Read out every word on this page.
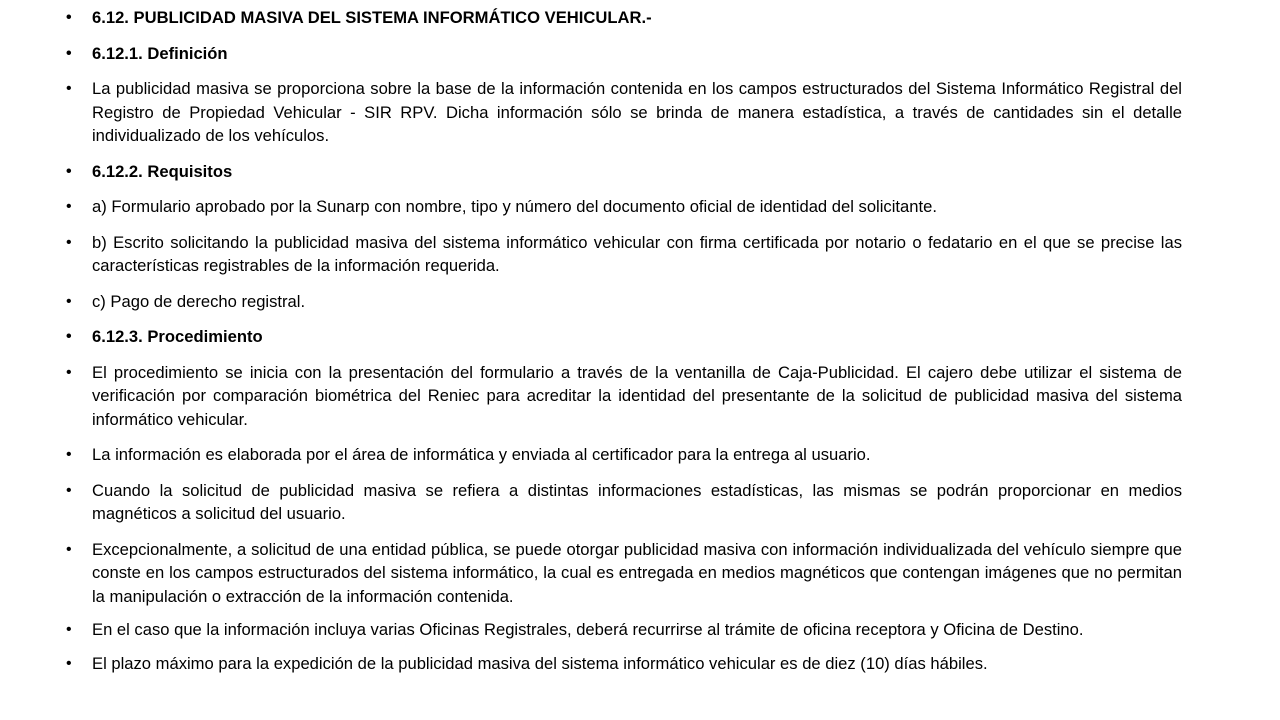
• 6.12. PUBLICIDAD MASIVA DEL SISTEMA INFORMÁTICO VEHICULAR.-
• 6.12.1. Definición
• La publicidad masiva se proporciona sobre la base de la información contenida en los campos estructurados del Sistema Informático Registral del Registro de Propiedad Vehicular - SIR RPV. Dicha información sólo se brinda de manera estadística, a través de cantidades sin el detalle individualizado de los vehículos.
• 6.12.2. Requisitos
• a) Formulario aprobado por la Sunarp con nombre, tipo y número del documento oficial de identidad del solicitante.
• b) Escrito solicitando la publicidad masiva del sistema informático vehicular con firma certificada por notario o fedatario en el que se precise las características registrables de la información requerida.
• c) Pago de derecho registral.
• 6.12.3. Procedimiento
• El procedimiento se inicia con la presentación del formulario a través de la ventanilla de Caja-Publicidad. El cajero debe utilizar el sistema de verificación por comparación biométrica del Reniec para acreditar la identidad del presentante de la solicitud de publicidad masiva del sistema informático vehicular.
• La información es elaborada por el área de informática y enviada al certificador para la entrega al usuario.
• Cuando la solicitud de publicidad masiva se refiera a distintas informaciones estadísticas, las mismas se podrán proporcionar en medios magnéticos a solicitud del usuario.
• Excepcionalmente, a solicitud de una entidad pública, se puede otorgar publicidad masiva con información individualizada del vehículo siempre que conste en los campos estructurados del sistema informático, la cual es entregada en medios magnéticos que contengan imágenes que no permitan la manipulación o extracción de la información contenida.
• En el caso que la información incluya varias Oficinas Registrales, deberá recurrirse al trámite de oficina receptora y Oficina de Destino.
• El plazo máximo para la expedición de la publicidad masiva del sistema informático vehicular es de diez (10) días hábiles.
